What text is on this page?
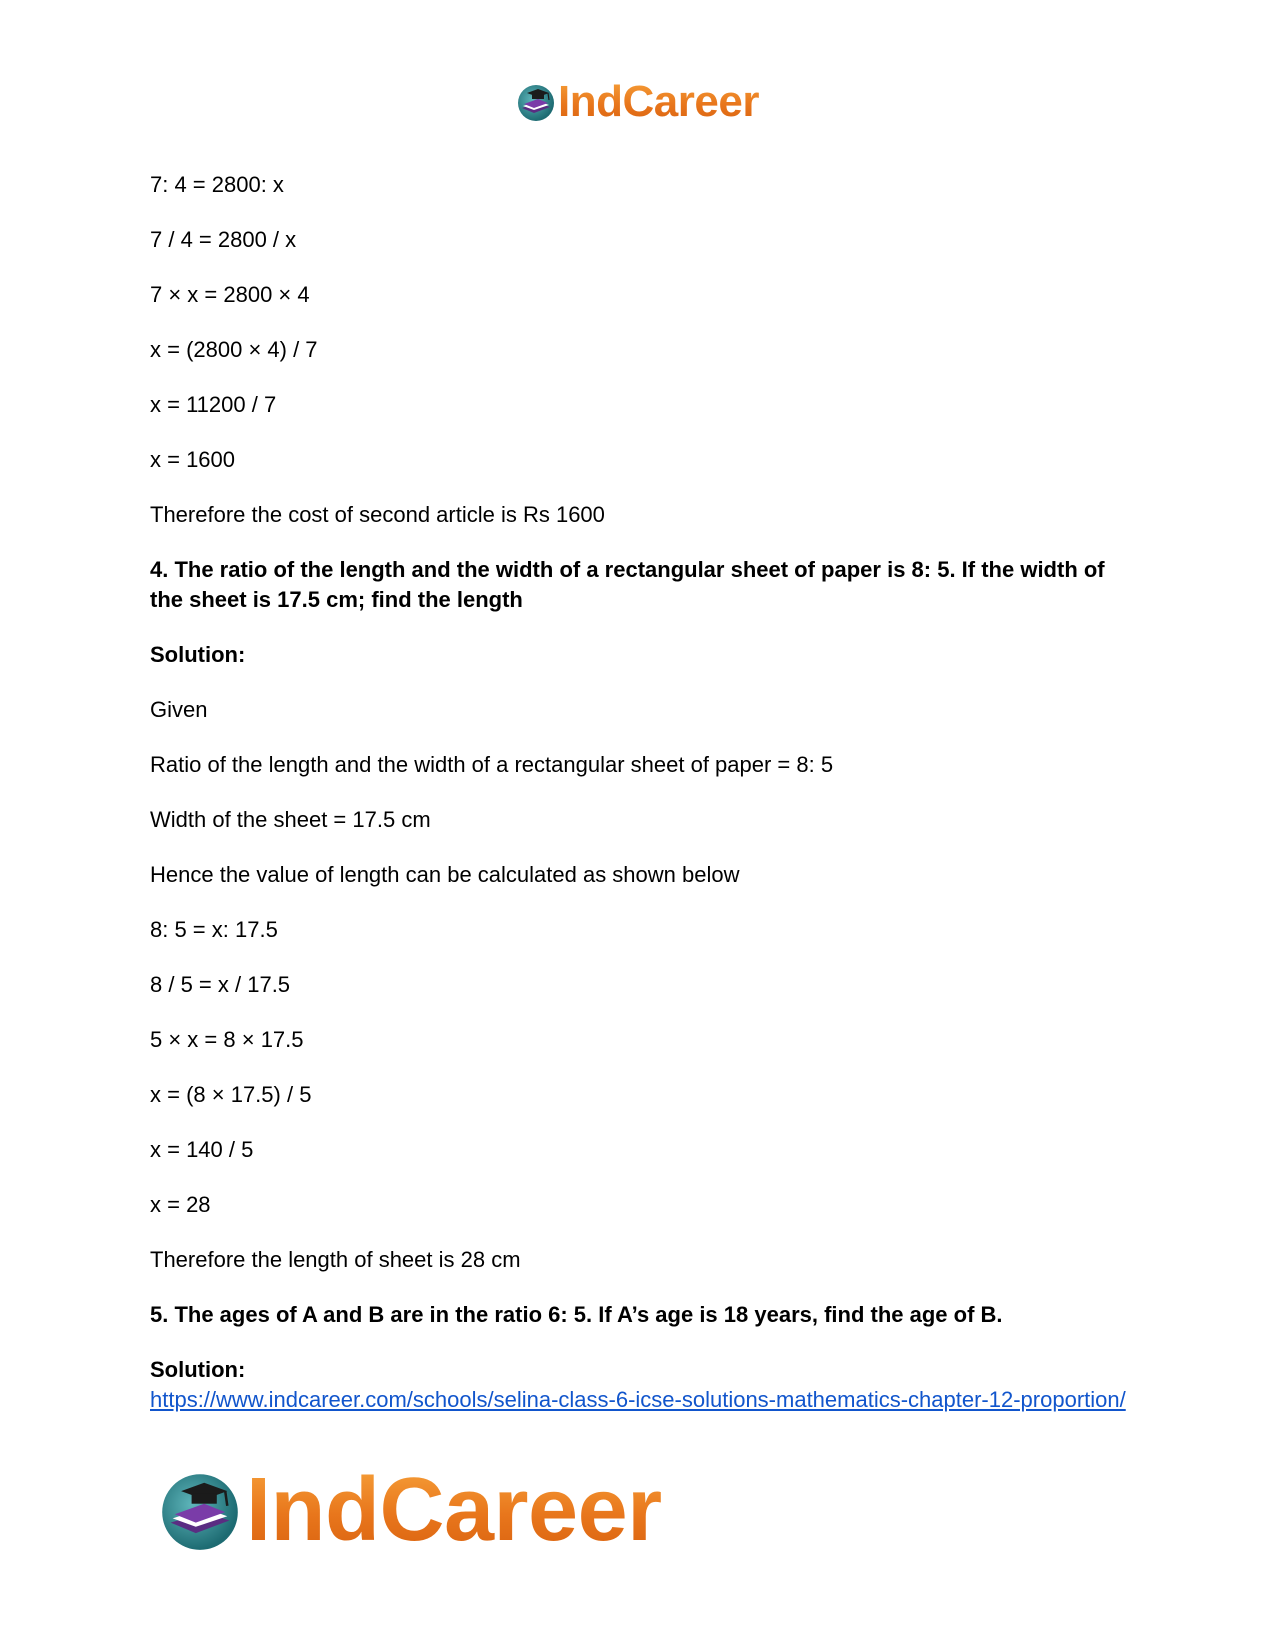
IndCareer

7: 4 = 2800: x

7 / 4 = 2800 / x

7 × x = 2800 × 4

x = (2800 × 4) / 7

x = 11200 / 7

x = 1600

Therefore the cost of second article is Rs 1600

4. The ratio of the length and the width of a rectangular sheet of paper is 8: 5. If the width of the sheet is 17.5 cm; find the length

Solution:

Given

Ratio of the length and the width of a rectangular sheet of paper = 8: 5

Width of the sheet = 17.5 cm

Hence the value of length can be calculated as shown below

8: 5 = x: 17.5

8 / 5 = x / 17.5

5 × x = 8 × 17.5

x = (8 × 17.5) / 5

x = 140 / 5

x = 28

Therefore the length of sheet is 28 cm

5. The ages of A and B are in the ratio 6: 5. If A’s age is 18 years, find the age of B.

Solution:

https://www.indcareer.com/schools/selina-class-6-icse-solutions-mathematics-chapter-12-proportion/
IndCareer
